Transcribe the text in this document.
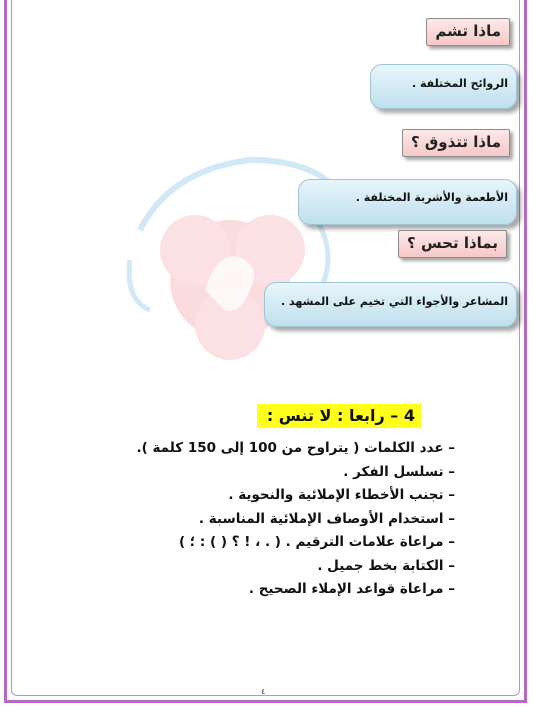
ماذا تشم
الروائح المختلفة .
ماذا تتذوق ؟
الأطعمة والأشربة المختلفة .
بماذا تحس ؟
المشاعر والأجواء التي تخيم على المشهد .
4 – رابعا : لا تنس :
– عدد الكلمات ( يتراوح من 100 إلى 150 كلمة ).
– تسلسل الفكر .
– تجنب الأخطاء الإملائية والنحوية .
– استخدام الأوصاف الإملائية المناسبة .
– مراعاة علامات الترقيم . ( . ، ! ؟ ( ) : ؛ )
– الكتابة بخط جميل .
– مراعاة قواعد الإملاء الصحيح .
٤
